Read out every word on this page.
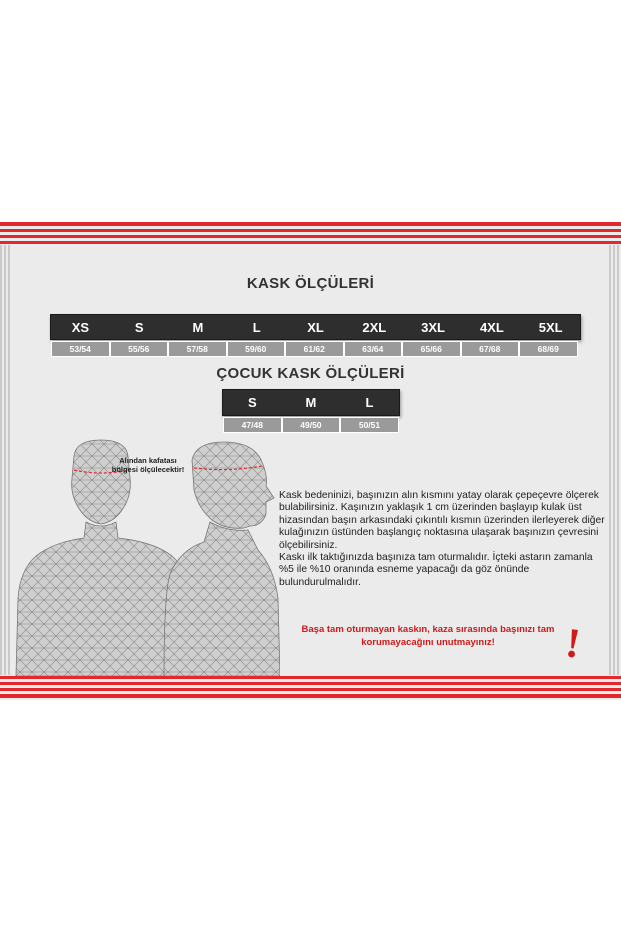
KASK ÖLÇÜLERİ
XS	S	M	L	XL	2XL	3XL	4XL	5XL
53/54	55/56	57/58	59/60	61/62	63/64	65/66	67/68	68/69
ÇOCUK KASK ÖLÇÜLERİ
S	M	L
47/48	49/50	50/51
Alından kafatası bölgesi ölçülecektir!

Kask bedeninizi, başınızın alın kısmını yatay olarak çepeçevre ölçerek bulabilirsiniz. Kaşınızın yaklaşık 1 cm üzerinden başlayıp kulak üst hizasından başın arkasındaki çıkıntılı kısmın üzerinden ilerleyerek diğer kulağınızın üstünden başlangıç noktasına ulaşarak başınızın çevresini ölçebilirsiniz.

Kaskı ilk taktığınızda başınıza tam oturmalıdır. İçteki astarın zamanla %5 ile %10 oranında esneme yapacağı da göz önünde bulundurulmalıdır.

Başa tam oturmayan kaskın, kaza sırasında başınızı tam korumayacağını unutmayınız!	!
